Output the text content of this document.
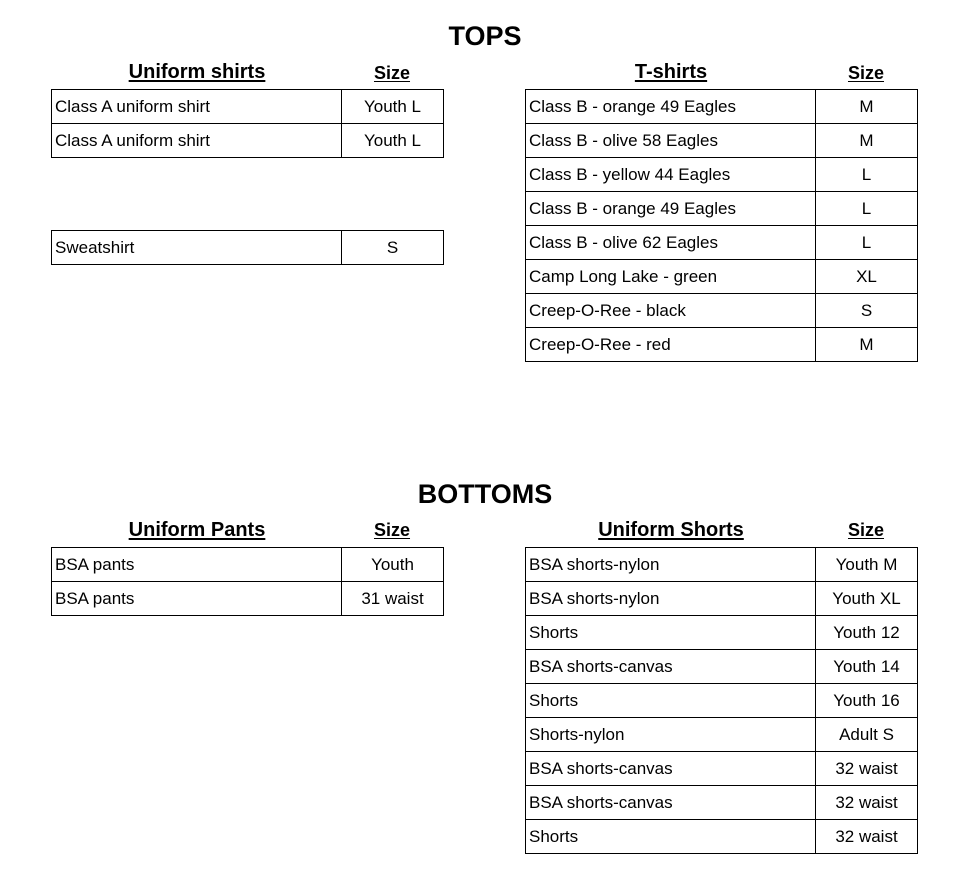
TOPS
Uniform shirts	Size	T-shirts	Size
Class A uniform shirt	Youth L
Class A uniform shirt	Youth L
Sweatshirt	S
Class B - orange 49 Eagles	M
Class B - olive 58 Eagles	M
Class B - yellow 44 Eagles	L
Class B - orange 49 Eagles	L
Class B - olive 62 Eagles	L
Camp Long Lake - green	XL
Creep-O-Ree - black	S
Creep-O-Ree - red	M
BOTTOMS
Uniform Pants	Size	Uniform Shorts	Size
BSA pants	Youth
BSA pants	31 waist
BSA shorts-nylon	Youth M
BSA shorts-nylon	Youth XL
Shorts	Youth 12
BSA shorts-canvas	Youth 14
Shorts	Youth 16
Shorts-nylon	Adult S
BSA shorts-canvas	32 waist
BSA shorts-canvas	32 waist
Shorts	32 waist
